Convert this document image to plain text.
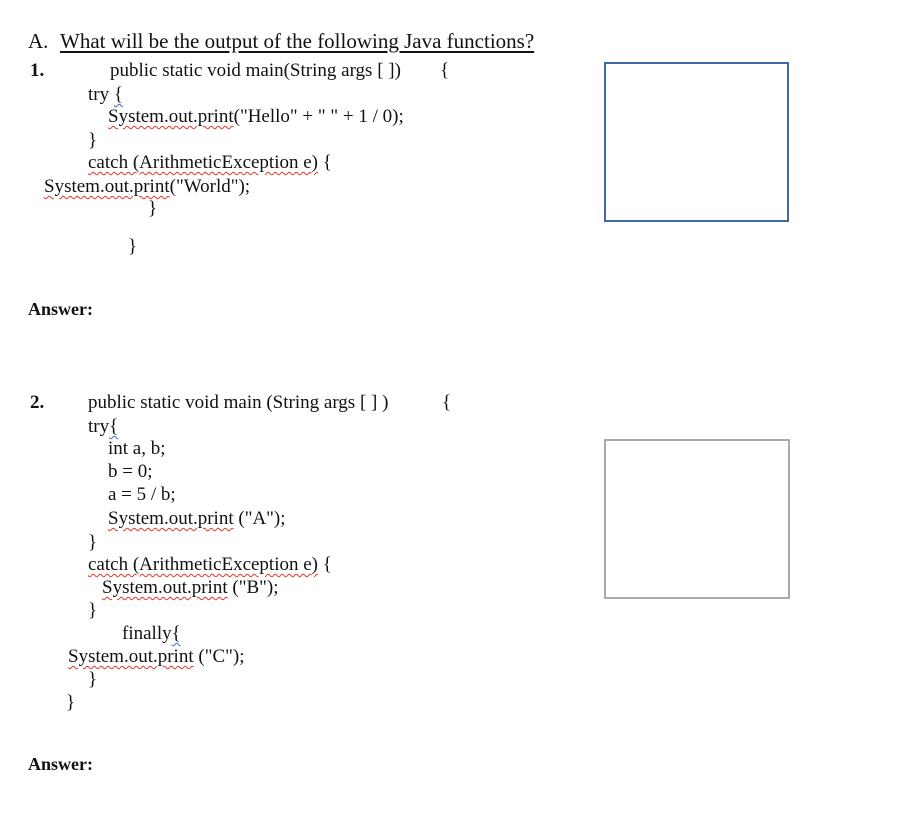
A. What will be the output of the following Java functions?
1.	public static void main(String args [ ]) {
try {
System.out.print("Hello" + " " + 1 / 0);
}
catch (ArithmeticException e) {
System.out.print("World");
}
}
Answer:
2. public static void main (String args [ ] )	{
try{
int a, b;
b = 0;
a = 5 / b;
System.out.print ("A");
}
catch (ArithmeticException e) {
System.out.print ("B");
}
finally{
System.out.print ("C");
}
}
Answer:
